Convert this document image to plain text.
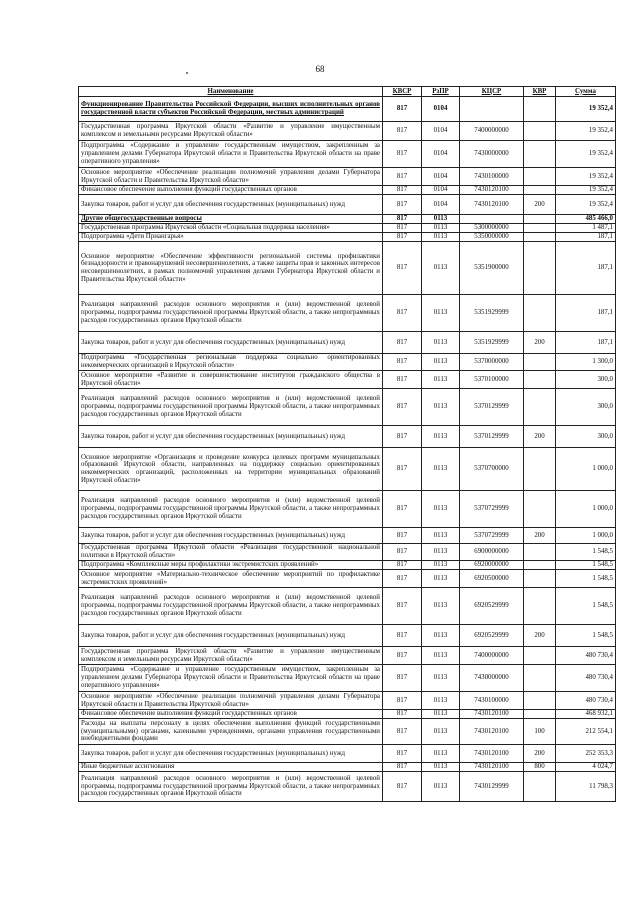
68
Наименование	КВСР	РзПР	КЦСР	КВР	Сумма
Функционирование Правительства Российской Федерации, высших исполнительных органов государственной власти субъектов Российской Федерации, местных администраций	817	0104			19 352,4
Государственная программа Иркутской области «Развитие и управление имущественным комплексом и земельными ресурсами Иркутской области»	817	0104	7400000000		19 352,4
Подпрограмма «Содержание и управление государственным имуществом, закрепленным за управлением делами Губернатора Иркутской области и Правительства Иркутской области на праве оперативного управления»	817	0104	7430000000		19 352,4
Основное мероприятие «Обеспечение реализации полномочий управления делами Губернатора Иркутской области и Правительства Иркутской области»	817	0104	7430100000		19 352,4
Финансовое обеспечение выполнения функций государственных органов	817	0104	7430120100		19 352,4
Закупка товаров, работ и услуг для обеспечения государственных (муниципальных) нужд	817	0104	7430120100	200	19 352,4
Другие общегосударственные вопросы	817	0113			485 466,0
Государственная программа Иркутской области «Социальная поддержка населения»	817	0113	5300000000		1 487,1
Подпрограмма «Дети Приангарья»	817	0113	5350000000		187,1
Основное мероприятие «Обеспечение эффективности региональной системы профилактики безнадзорности и правонарушений несовершеннолетних, а также защиты прав и законных интересов несовершеннолетних, в рамках полномочий управления делами Губернатора Иркутской области и Правительства Иркутской области»	817	0113	5351900000		187,1
Реализация направлений расходов основного мероприятия и (или) ведомственной целевой программы, подпрограммы государственной программы Иркутской области, а также непрограммных расходов государственных органов Иркутской области	817	0113	5351929999		187,1
Закупка товаров, работ и услуг для обеспечения государственных (муниципальных) нужд	817	0113	5351929999	200	187,1
Подпрограмма «Государственная региональная поддержка социально ориентированных некоммерческих организаций в Иркутской области»	817	0113	5370000000		1 300,0
Основное мероприятие «Развитие и совершенствование институтов гражданского общества в Иркутской области»	817	0113	5370100000		300,0
Реализация направлений расходов основного мероприятия и (или) ведомственной целевой программы, подпрограммы государственной программы Иркутской области, а также непрограммных расходов государственных органов Иркутской области	817	0113	5370129999		300,0
Закупка товаров, работ и услуг для обеспечения государственных (муниципальных) нужд	817	0113	5370129999	200	300,0
Основное мероприятие «Организация и проведение конкурса целевых программ муниципальных образований Иркутской области, направленных на поддержку социально ориентированных некоммерческих организаций, расположенных на территории муниципальных образований Иркутской области»	817	0113	5370700000		1 000,0
Реализация направлений расходов основного мероприятия и (или) ведомственной целевой программы, подпрограммы государственной программы Иркутской области, а также непрограммных расходов государственных органов Иркутской области	817	0113	5370729999		1 000,0
Закупка товаров, работ и услуг для обеспечения государственных (муниципальных) нужд	817	0113	5370729999	200	1 000,0
Государственная программа Иркутской области «Реализация государственной национальной политики в Иркутской области»	817	0113	6900000000		1 548,5
Подпрограмма «Комплексные меры профилактики экстремистских проявлений»	817	0113	6920000000		1 548,5
Основное мероприятие «Материально-техническое обеспечение мероприятий по профилактике экстремистских проявлений»	817	0113	6920500000		1 548,5
Реализация направлений расходов основного мероприятия и (или) ведомственной целевой программы, подпрограммы государственной программы Иркутской области, а также непрограммных расходов государственных органов Иркутской области	817	0113	6920529999		1 548,5
Закупка товаров, работ и услуг для обеспечения государственных (муниципальных) нужд	817	0113	6920529999	200	1 548,5
Государственная программа Иркутской области «Развитие и управление имущественным комплексом и земельными ресурсами Иркутской области»	817	0113	7400000000		480 730,4
Подпрограмма «Содержание и управление государственным имуществом, закрепленным за управлением делами Губернатора Иркутской области и Правительства Иркутской области на праве оперативного управления»	817	0113	7430000000		480 730,4
Основное мероприятие «Обеспечение реализации полномочий управления делами Губернатора Иркутской области и Правительства Иркутской области»	817	0113	7430100000		480 730,4
Финансовое обеспечение выполнения функций государственных органов	817	0113	7430120100		468 932,1
Расходы на выплаты персоналу в целях обеспечения выполнения функций государственными (муниципальными) органами, казенными учреждениями, органами управления государственными внебюджетными фондами	817	0113	7430120100	100	212 554,1
Закупка товаров, работ и услуг для обеспечения государственных (муниципальных) нужд	817	0113	7430120100	200	252 353,3
Иные бюджетные ассигнования	817	0113	7430120100	800	4 024,7
Реализация направлений расходов основного мероприятия и (или) ведомственной целевой программы, подпрограммы государственной программы Иркутской области, а также непрограммных расходов государственных органов Иркутской области	817	0113	7430129999		11 798,3
